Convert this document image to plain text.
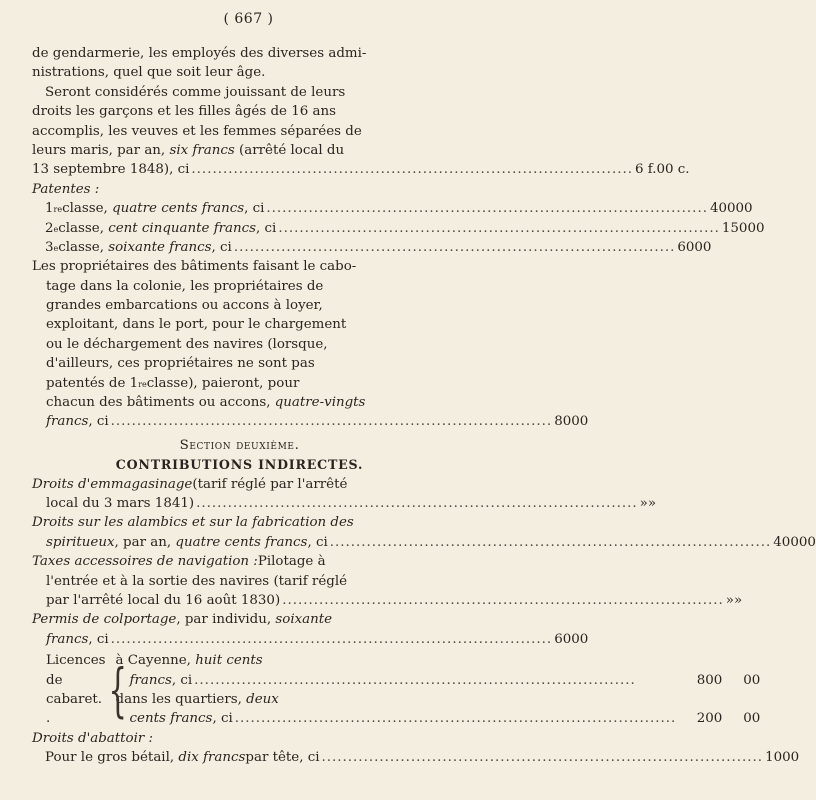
( 667 )
de gendarmerie, les employés des diverses admi-
nistrations, quel que soit leur âge.
Seront considérés comme jouissant de leurs
droits les garçons et les filles âgés de 16 ans
accomplis, les veuves et les femmes séparées de
leurs maris, par an,
six francs
(arrêté local du
13 septembre 1848), ci .....	6 f. 00 c.
Patentes :
1 re classe,
quatre cents francs , ci .....	400 00
2 e classe,
cent cinquante francs , ci .....	150 00
3 e classe,
soixante francs , ci .....	60 00
Les propriétaires des bâtiments faisant le cabo-
tage dans la colonie, les propriétaires de
grandes embarcations ou accons à loyer,
exploitant, dans le port, pour le chargement
ou le déchargement des navires (lorsque,
d'ailleurs, ces propriétaires ne sont pas
patentés de 1 re classe), paieront, pour
chacun des bâtiments ou accons,
quatre-vingts
francs , ci .....	80 00
Section deuxième.
CONTRIBUTIONS INDIRECTES.
Droits d'emmagasinage (tarif réglé par l'arrêté
local du 3 mars 1841) .....	» »
Droits sur les alambics et sur la fabrication des
spiritueux , par an,
quatre cents francs , ci .....	400 00
Taxes accessoires de navigation : Pilotage à
l'entrée et à la sortie des navires (tarif réglé
par l'arrêté local du 16 août 1830) .....	» »
Permis de colportage , par individu,
soixante
francs , ci .....	60 00
Licences de cabaret. . {
à Cayenne,
huit cents
francs , ci .....	800	00
dans les quartiers,
deux
cents francs , ci .....	200	00
Droits d'abattoir :
Pour le gros bétail,
dix francs par tête, ci .....	10 00
